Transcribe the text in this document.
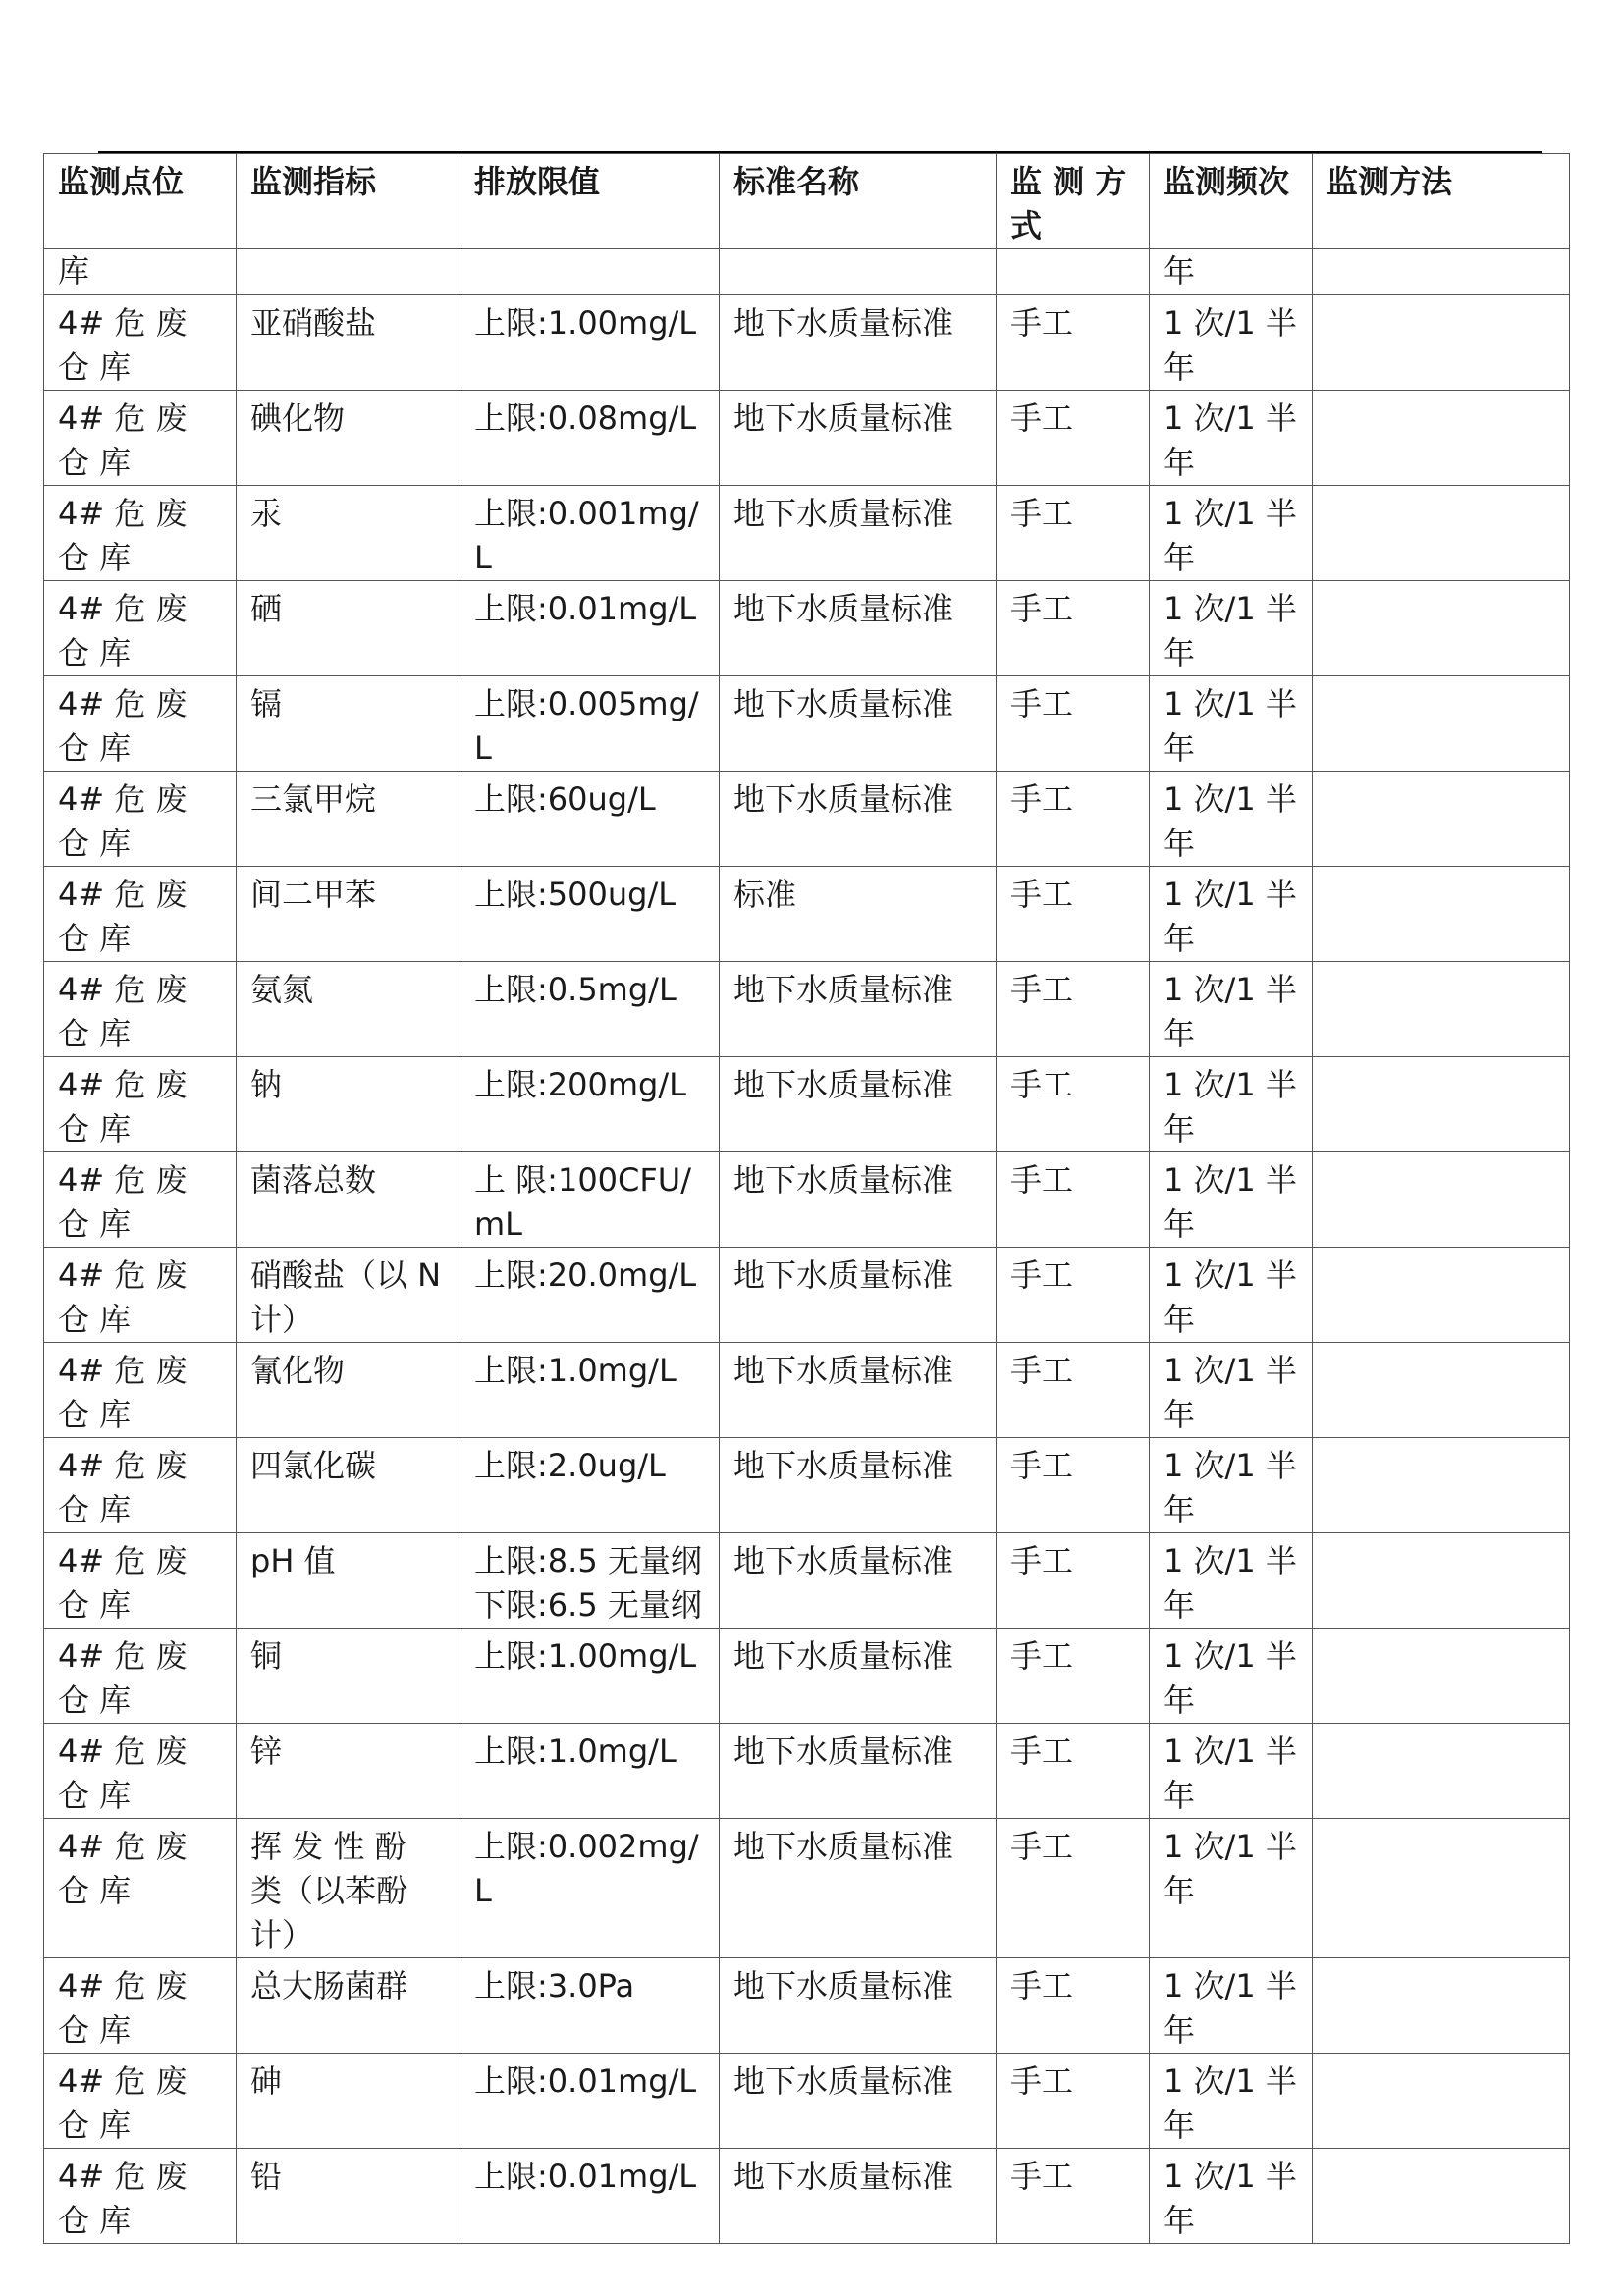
监测点位	监测指标	排放限值	标准名称	监 测 方 式	监测频次	监测方法
库					年	
4# 危 废 仓 库	亚硝酸盐	上限:1.00mg/L	地下水质量标准	手工	1 次/1 半年	
4# 危 废 仓 库	碘化物	上限:0.08mg/L	地下水质量标准	手工	1 次/1 半年	
4# 危 废 仓 库	汞	上限:0.001mg/L	地下水质量标准	手工	1 次/1 半年	
4# 危 废 仓 库	硒	上限:0.01mg/L	地下水质量标准	手工	1 次/1 半年	
4# 危 废 仓 库	镉	上限:0.005mg/L	地下水质量标准	手工	1 次/1 半年	
4# 危 废 仓 库	三氯甲烷	上限:60ug/L	地下水质量标准	手工	1 次/1 半年	
4# 危 废 仓 库	间二甲苯	上限:500ug/L	标准	手工	1 次/1 半年	
4# 危 废 仓 库	氨氮	上限:0.5mg/L	地下水质量标准	手工	1 次/1 半年	
4# 危 废 仓 库	钠	上限:200mg/L	地下水质量标准	手工	1 次/1 半年	
4# 危 废 仓 库	菌落总数	上 限:100CFU/mL	地下水质量标准	手工	1 次/1 半年	
4# 危 废 仓 库	硝酸盐（以 N 计）	上限:20.0mg/L	地下水质量标准	手工	1 次/1 半年	
4# 危 废 仓 库	氰化物	上限:1.0mg/L	地下水质量标准	手工	1 次/1 半年	
4# 危 废 仓 库	四氯化碳	上限:2.0ug/L	地下水质量标准	手工	1 次/1 半年	
4# 危 废 仓 库	pH 值	上限:8.5 无量纲 下限:6.5 无量纲	地下水质量标准	手工	1 次/1 半年	
4# 危 废 仓 库	铜	上限:1.00mg/L	地下水质量标准	手工	1 次/1 半年	
4# 危 废 仓 库	锌	上限:1.0mg/L	地下水质量标准	手工	1 次/1 半年	
4# 危 废 仓 库	挥 发 性 酚 类（以苯酚计）	上限:0.002mg/L	地下水质量标准	手工	1 次/1 半年	
4# 危 废 仓 库	总大肠菌群	上限:3.0Pa	地下水质量标准	手工	1 次/1 半年	
4# 危 废 仓 库	砷	上限:0.01mg/L	地下水质量标准	手工	1 次/1 半年	
4# 危 废 仓 库	铅	上限:0.01mg/L	地下水质量标准	手工	1 次/1 半年	
